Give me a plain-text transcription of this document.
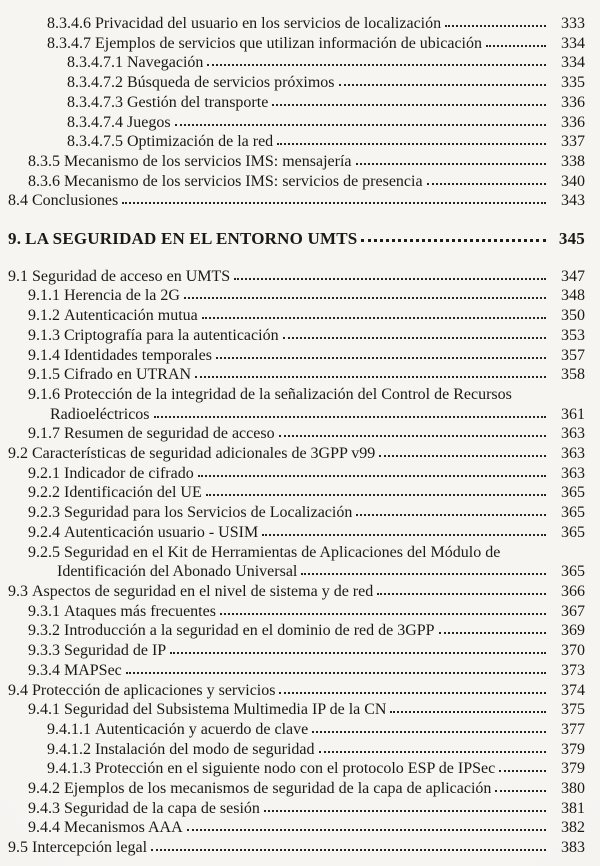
8.3.4.6 Privacidad del usuario en los servicios de localización	333
8.3.4.7 Ejemplos de servicios que utilizan información de ubicación	334
8.3.4.7.1 Navegación	334
8.3.4.7.2 Búsqueda de servicios próximos	335
8.3.4.7.3 Gestión del transporte	336
8.3.4.7.4 Juegos	336
8.3.4.7.5 Optimización de la red	337
8.3.5 Mecanismo de los servicios IMS: mensajería	338
8.3.6 Mecanismo de los servicios IMS: servicios de presencia	340
8.4 Conclusiones	343
9. LA SEGURIDAD EN EL ENTORNO UMTS	345
9.1 Seguridad de acceso en UMTS	347
9.1.1 Herencia de la 2G	348
9.1.2 Autenticación mutua	350
9.1.3 Criptografía para la autenticación	353
9.1.4 Identidades temporales	357
9.1.5 Cifrado en UTRAN	358
9.1.6 Protección de la integridad de la señalización del Control de Recursos
Radioeléctricos	361
9.1.7 Resumen de seguridad de acceso	363
9.2 Características de seguridad adicionales de 3GPP v99	363
9.2.1 Indicador de cifrado	363
9.2.2 Identificación del UE	365
9.2.3 Seguridad para los Servicios de Localización	365
9.2.4 Autenticación usuario - USIM	365
9.2.5 Seguridad en el Kit de Herramientas de Aplicaciones del Módulo de
Identificación del Abonado Universal	365
9.3 Aspectos de seguridad en el nivel de sistema y de red	366
9.3.1 Ataques más frecuentes	367
9.3.2 Introducción a la seguridad en el dominio de red de 3GPP	369
9.3.3 Seguridad de IP	370
9.3.4 MAPSec	373
9.4 Protección de aplicaciones y servicios	374
9.4.1 Seguridad del Subsistema Multimedia IP de la CN	375
9.4.1.1 Autenticación y acuerdo de clave	377
9.4.1.2 Instalación del modo de seguridad	379
9.4.1.3 Protección en el siguiente nodo con el protocolo ESP de IPSec	379
9.4.2 Ejemplos de los mecanismos de seguridad de la capa de aplicación	380
9.4.3 Seguridad de la capa de sesión	381
9.4.4 Mecanismos AAA	382
9.5 Intercepción legal	383
